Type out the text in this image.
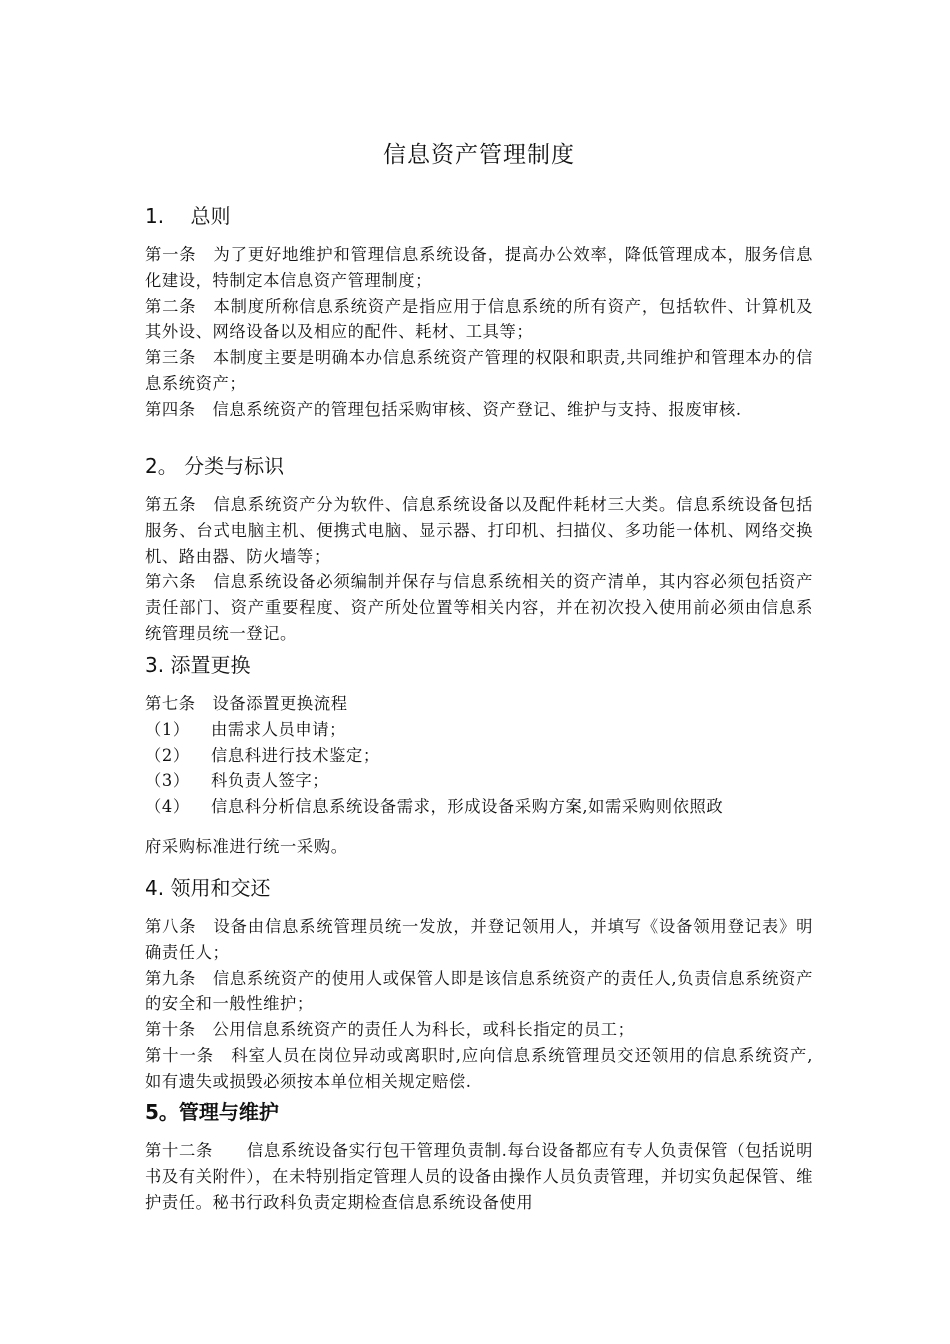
信息资产管理制度
1.　 总则

第一条　为了更好地维护和管理信息系统设备，提高办公效率，降低管理成本，服务信息化建设，特制定本信息资产管理制度；

第二条　本制度所称信息系统资产是指应用于信息系统的所有资产，包括软件、计算机及其外设、网络设备以及相应的配件、耗材、工具等；

第三条　本制度主要是明确本办信息系统资产管理的权限和职责,共同维护和管理本办的信息系统资产；

第四条　信息系统资产的管理包括采购审核、资产登记、维护与支持、报废审核.

2。 分类与标识

第五条　信息系统资产分为软件、信息系统设备以及配件耗材三大类。信息系统设备包括服务、台式电脑主机、便携式电脑、显示器、打印机、扫描仪、多功能一体机、网络交换机、路由器、防火墙等；

第六条　信息系统设备必须编制并保存与信息系统相关的资产清单，其内容必须包括资产责任部门、资产重要程度、资产所处位置等相关内容，并在初次投入使用前必须由信息系统管理员统一登记。

3. 添置更换

第七条　设备添置更换流程

（1） 由需求人员申请；

（2） 信息科进行技术鉴定；

（3） 科负责人签字；

（4） 信息科分析信息系统设备需求，形成设备采购方案,如需采购则依照政

府采购标准进行统一采购。

4. 领用和交还

第八条　设备由信息系统管理员统一发放，并登记领用人，并填写《设备领用登记表》明确责任人；

第九条　信息系统资产的使用人或保管人即是该信息系统资产的责任人,负责信息系统资产的安全和一般性维护；

第十条　公用信息系统资产的责任人为科长，或科长指定的员工；

第十一条　科室人员在岗位异动或离职时,应向信息系统管理员交还领用的信息系统资产,如有遗失或损毁必须按本单位相关规定赔偿.

5。管理与维护

第十二条　　信息系统设备实行包干管理负责制.每台设备都应有专人负责保管（包括说明书及有关附件），在未特别指定管理人员的设备由操作人员负责管理，并切实负起保管、维护责任。秘书行政科负责定期检查信息系统设备使用
